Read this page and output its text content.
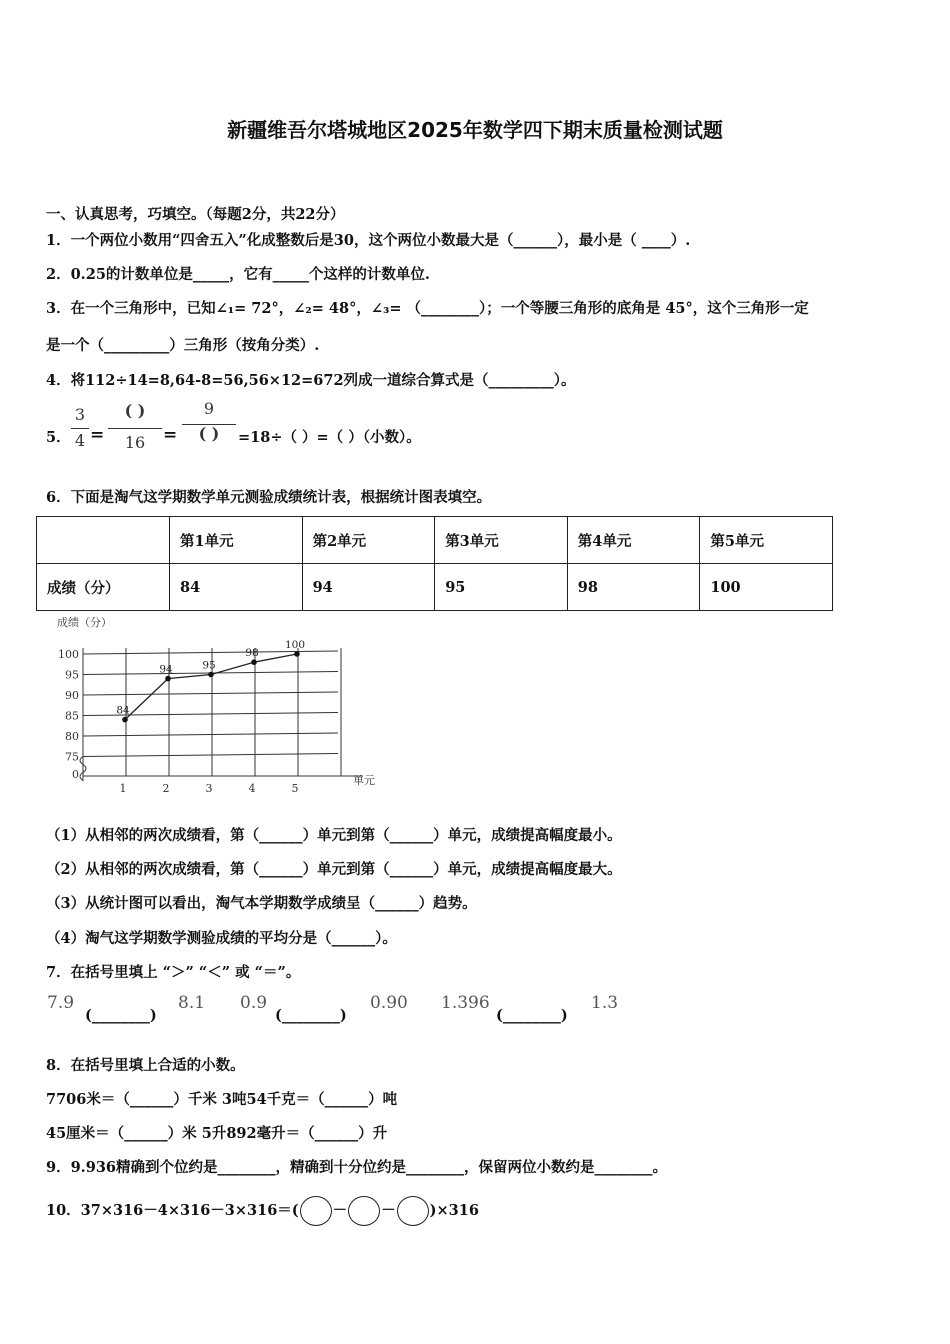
新疆维吾尔塔城地区2025年数学四下期末质量检测试题
一、认真思考，巧填空。（每题2分，共22分）
1．一个两位小数用“四舍五入”化成整数后是30，这个两位小数最大是（______），最小是（ ____）.
2．0.25的计数单位是_____，它有_____个这样的计数单位.
3．在一个三角形中，已知∠₁= 72°，∠₂= 48°，∠₃= （________）；一个等腰三角形的底角是 45°，这个三角形一定
是一个（_________）三角形（按角分类）.
4．将112÷14=8,64-8=56,56×12=672列成一道综合算式是（_________）。
5．
3
4 =
( )
16	=
9
( )	=18÷（ ）=（ ）（小数）。
6．下面是淘气这学期数学单元测验成绩统计表，根据统计图表填空。
	第1单元	第2单元	第3单元	第4单元	第5单元
成绩（分）	84	94	95	98	100
成绩（分）
单元
0
75
80
85
90
95
100
1	2	3	4	5
84
94	95
98
100
（1）从相邻的两次成绩看，第（______）单元到第（______）单元，成绩提高幅度最小。
（2）从相邻的两次成绩看，第（______）单元到第（______）单元，成绩提高幅度最大。
（3）从统计图可以看出，淘气本学期数学成绩呈（______）趋势。
（4）淘气这学期数学测验成绩的平均分是（______）。
7．在括号里填上 “＞” “＜” 或 “＝”。
7.9
(________)
8.1 0.9
(________)
0.90 1.396
(________)
1.3
8．在括号里填上合适的小数。
7706米＝（______）千米 3吨54千克＝（______）吨
45厘米＝（______）米 5升892毫升＝（______）升
9．9.936精确到个位约是________，精确到十分位约是________，保留两位小数约是________。
10．37×316－4×316－3×316＝( － － )×316
